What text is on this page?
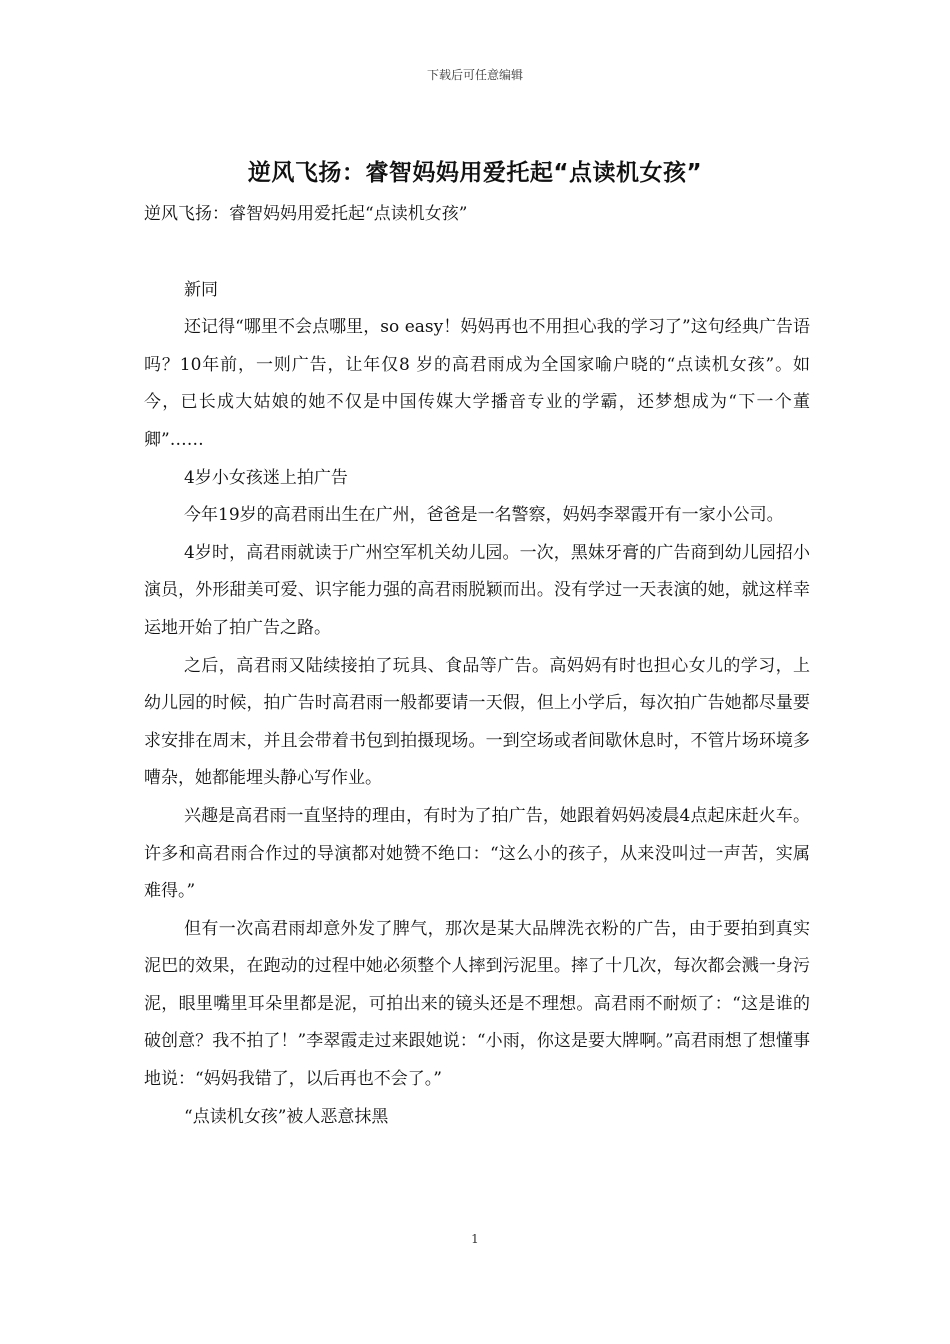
下载后可任意编辑
逆风飞扬：睿智妈妈用爱托起“点读机女孩”

逆风飞扬：睿智妈妈用爱托起“点读机女孩”

新同

还记得“哪里不会点哪里，so easy！妈妈再也不用担心我的学习了”这句经典广告语吗？10年前，一则广告，让年仅8 岁的高君雨成为全国家喻户晓的“点读机女孩”。如今，已长成大姑娘的她不仅是中国传媒大学播音专业的学霸，还梦想成为“下一个董卿”……

4岁小女孩迷上拍广告

今年19岁的高君雨出生在广州，爸爸是一名警察，妈妈李翠霞开有一家小公司。

4岁时，高君雨就读于广州空军机关幼儿园。一次，黑妹牙膏的广告商到幼儿园招小演员，外形甜美可爱、识字能力强的高君雨脱颖而出。没有学过一天表演的她，就这样幸运地开始了拍广告之路。

之后，高君雨又陆续接拍了玩具、食品等广告。高妈妈有时也担心女儿的学习，上幼儿园的时候，拍广告时高君雨一般都要请一天假，但上小学后，每次拍广告她都尽量要求安排在周末，并且会带着书包到拍摄现场。一到空场或者间歇休息时，不管片场环境多嘈杂，她都能埋头静心写作业。

兴趣是高君雨一直坚持的理由，有时为了拍广告，她跟着妈妈凌晨4点起床赶火车。许多和高君雨合作过的导演都对她赞不绝口：“这么小的孩子，从来没叫过一声苦，实属难得。”

但有一次高君雨却意外发了脾气，那次是某大品牌洗衣粉的广告，由于要拍到真实泥巴的效果，在跑动的过程中她必须整个人摔到污泥里。摔了十几次，每次都会溅一身污泥，眼里嘴里耳朵里都是泥，可拍出来的镜头还是不理想。高君雨不耐烦了：“这是谁的破创意？我不拍了！”李翠霞走过来跟她说：“小雨，你这是要大牌啊。”高君雨想了想懂事地说：“妈妈我错了，以后再也不会了。”

“点读机女孩”被人恶意抹黑

1
